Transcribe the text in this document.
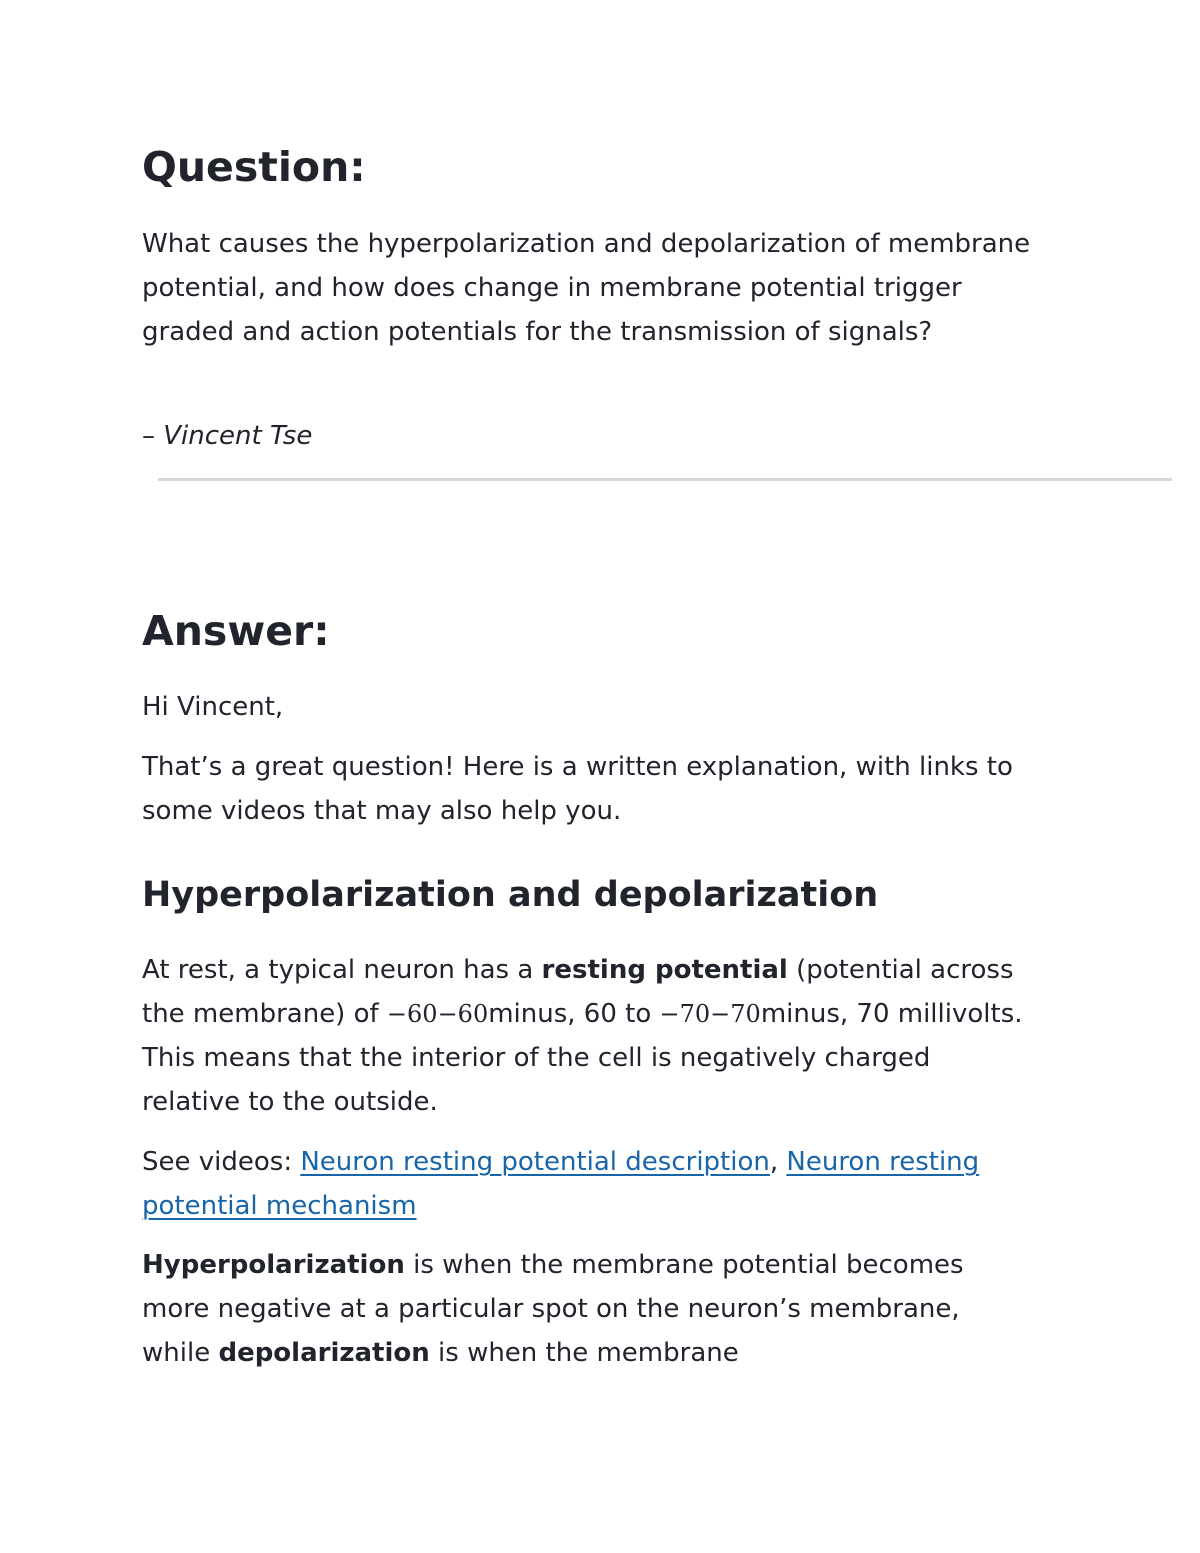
Question:

What causes the hyperpolarization and depolarization of membrane potential, and how does change in membrane potential trigger graded and action potentials for the transmission of signals?

– Vincent Tse

Answer:

Hi Vincent,

That’s a great question! Here is a written explanation, with links to some videos that may also help you.

Hyperpolarization and depolarization

At rest, a typical neuron has a resting potential (potential across the membrane) of −60−60minus, 60 to −70−70minus, 70 millivolts. This means that the interior of the cell is negatively charged relative to the outside.

See videos: Neuron resting potential description, Neuron resting potential mechanism

Hyperpolarization is when the membrane potential becomes more negative at a particular spot on the neuron’s membrane, while depolarization is when the membrane
